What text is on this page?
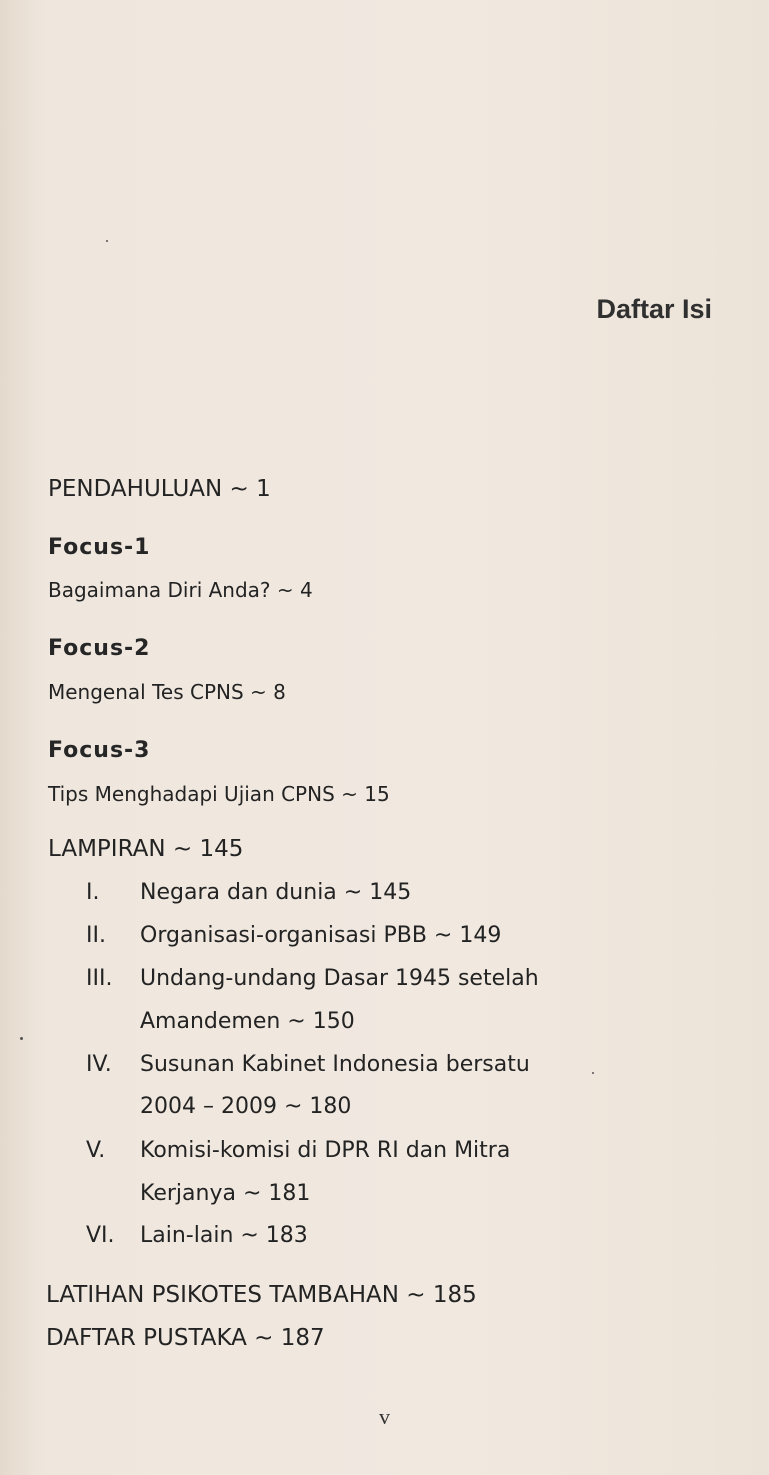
Daftar Isi
PENDAHULUAN ~ 1
Focus-1
Bagaimana Diri Anda? ~ 4
Focus-2
Mengenal Tes CPNS ~ 8
Focus-3
Tips Menghadapi Ujian CPNS ~ 15
LAMPIRAN ~ 145
I.	Negara dan dunia ~ 145
II.	Organisasi-organisasi PBB ~ 149
III.	Undang-undang Dasar 1945 setelah
Amandemen ~ 150
IV.	Susunan Kabinet Indonesia bersatu
2004 – 2009 ~ 180
V.	Komisi-komisi di DPR RI dan Mitra
Kerjanya ~ 181
VI.	Lain-lain ~ 183
LATIHAN PSIKOTES TAMBAHAN ~ 185
DAFTAR PUSTAKA ~ 187
v
